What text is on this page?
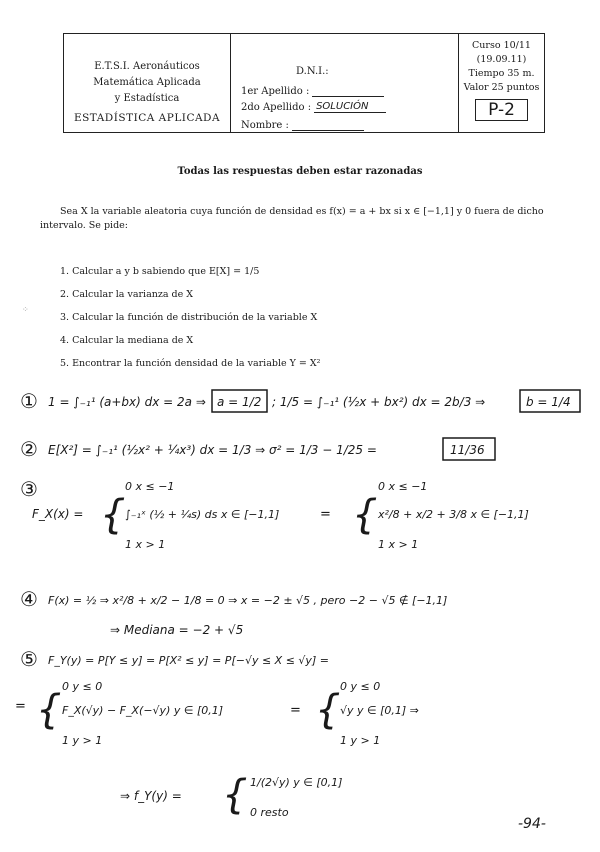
E.T.S.I. Aeronáuticos
Matemática Aplicada
y Estadística
ESTADÍSTICA APLICADA
D.N.I.:
1er Apellido :
2do Apellido : SOLUCIÓN
Nombre :
Curso 10/11
(19.09.11)
Tiempo 35 m.
Valor 25 puntos
P-2
Todas las respuestas deben estar razonadas
Sea X la variable aleatoria cuya función de densidad es f(x) = a + bx si x ∈ [−1,1] y 0 fuera de dicho intervalo. Se pide:
1. Calcular a y b sabiendo que E[X] = 1/5
2. Calcular la varianza de X
3. Calcular la función de distribución de la variable X
4. Calcular la mediana de X
5. Encontrar la función densidad de la variable Y = X²
⁘
① 1 = ∫₋₁¹ (a+bx) dx = 2a ⇒ a = 1/2 ; 1/5 = ∫₋₁¹ (½x + bx²) dx = 2b/3 ⇒	b = 1/4
② E[X²] = ∫₋₁¹ (½x² + ¼x³) dx = 1/3 ⇒ σ² = 1/3 − 1/25 =	11/36
③
F_X(x) = {
0 x ≤ −1
∫₋₁ˣ (½ + ¼s) ds x ∈ [−1,1]
1 x > 1
= {
0 x ≤ −1
x²/8 + x/2 + 3/8 x ∈ [−1,1]
1 x > 1
④ F(x) = ½ ⇒ x²/8 + x/2 − 1/8 = 0 ⇒ x = −2 ± √5 , pero −2 − √5 ∉ [−1,1]
⇒ Mediana = −2 + √5
⑤ F_Y(y) = P[Y ≤ y] = P[X² ≤ y] = P[−√y ≤ X ≤ √y] =
= {
0 y ≤ 0
F_X(√y) − F_X(−√y) y ∈ [0,1]
1 y > 1
= {
0 y ≤ 0
√y y ∈ [0,1] ⇒
1 y > 1
⇒ f_Y(y) = { 1/(2√y) y ∈ [0,1]
0 resto
-94-
